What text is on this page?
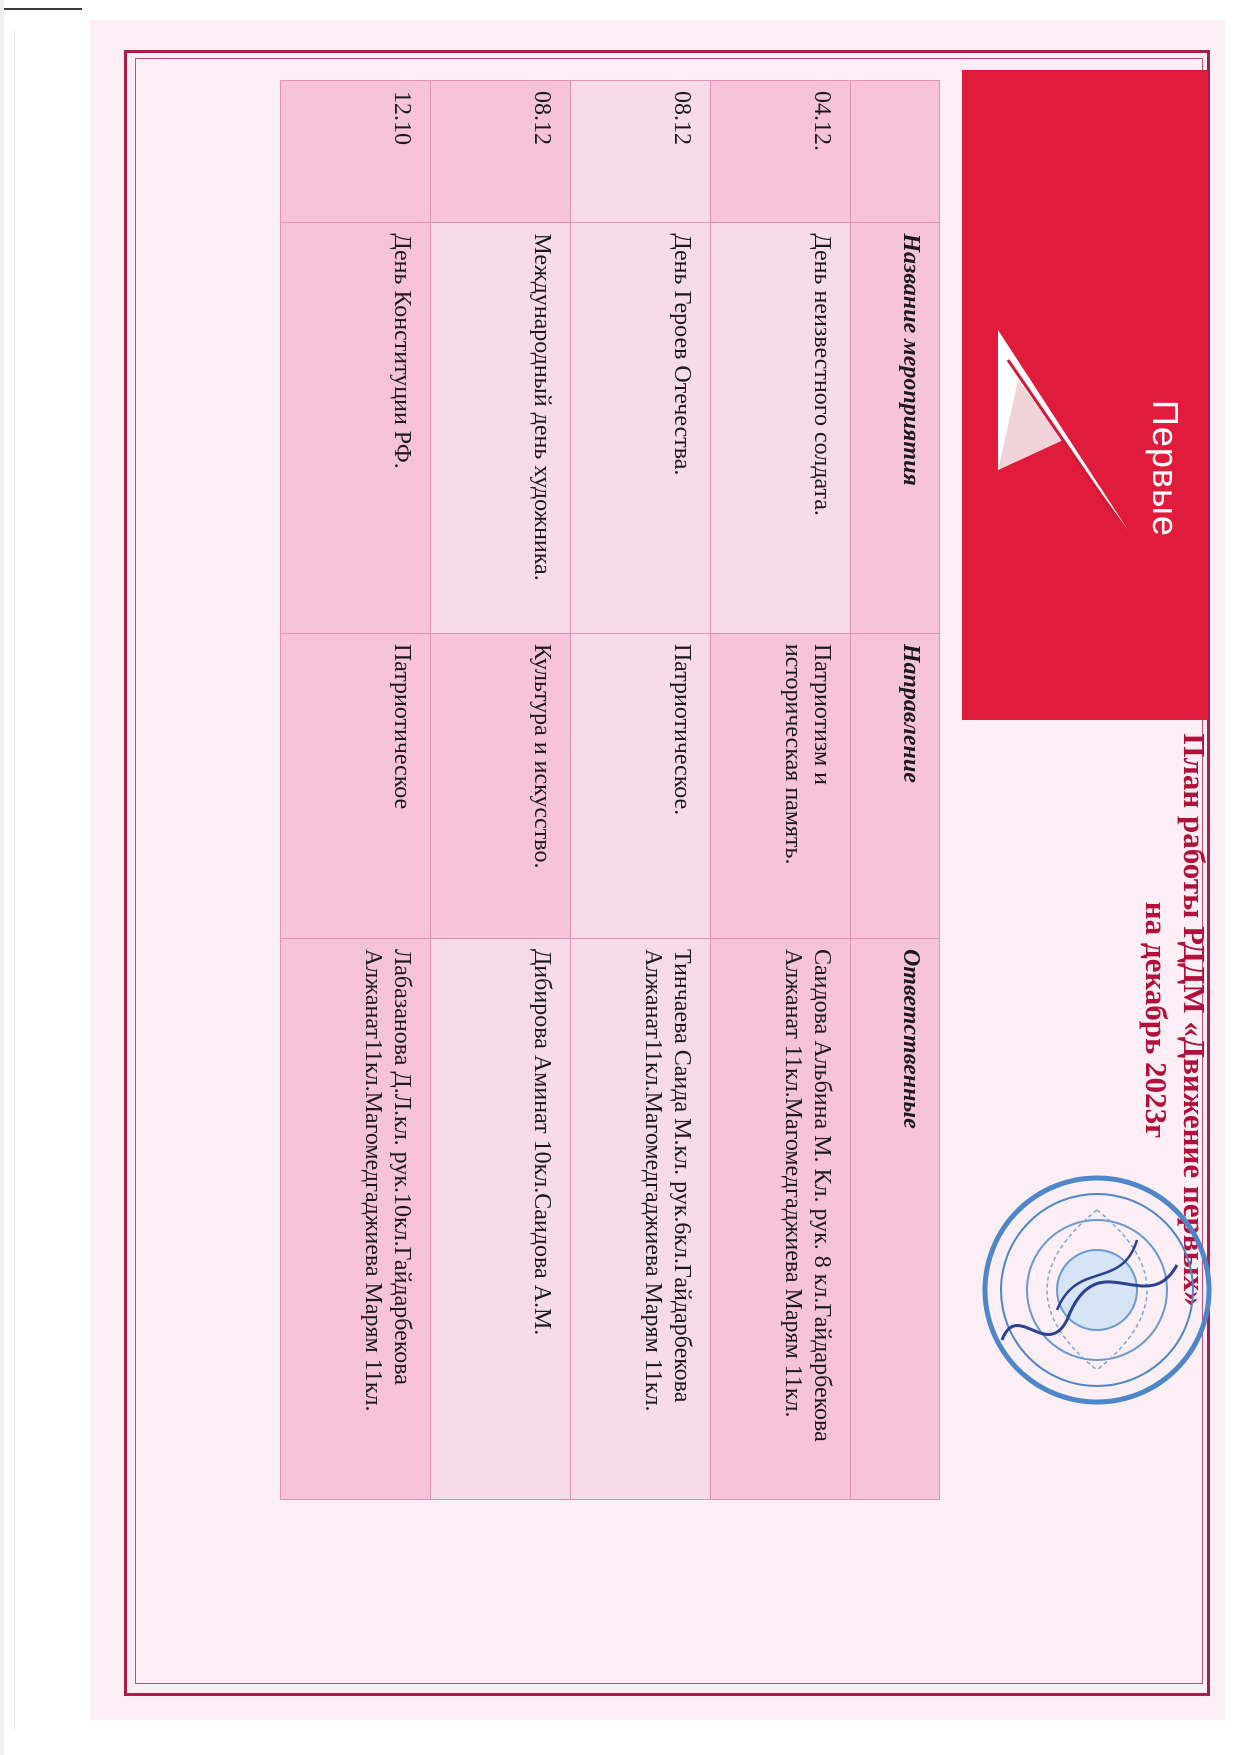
Первые
План работы РДДМ «Движение первых»
на декабрь 2023г
	Название мероприятия	Направление	Ответственные
04.12.	День неизвестного солдата.	Патриотизм и историческая память.	Саидова Альбина М. Кл. рук. 8 кл.Гайдарбекова Алжанат 11кл.Магомедгаджиева Марям 11кл.
08.12	День Героев Отечества.	Патриотическое.	Тинчаева Саида М.кл. рук.6кл.Гайдарбекова Алжанат11кл.Магомедгаджиева Марям 11кл.
08.12	Международный день художника.	Культура и искусство.	Дибирова Аминат 10кл.Саидова А.М.
12.10	День Конституции РФ.	Патриотическое	Лабазанова Д.Л.кл. рук.10кл.Гайдарбекова Алжанат11кл.Магомедгаджиева Марям 11кл.
